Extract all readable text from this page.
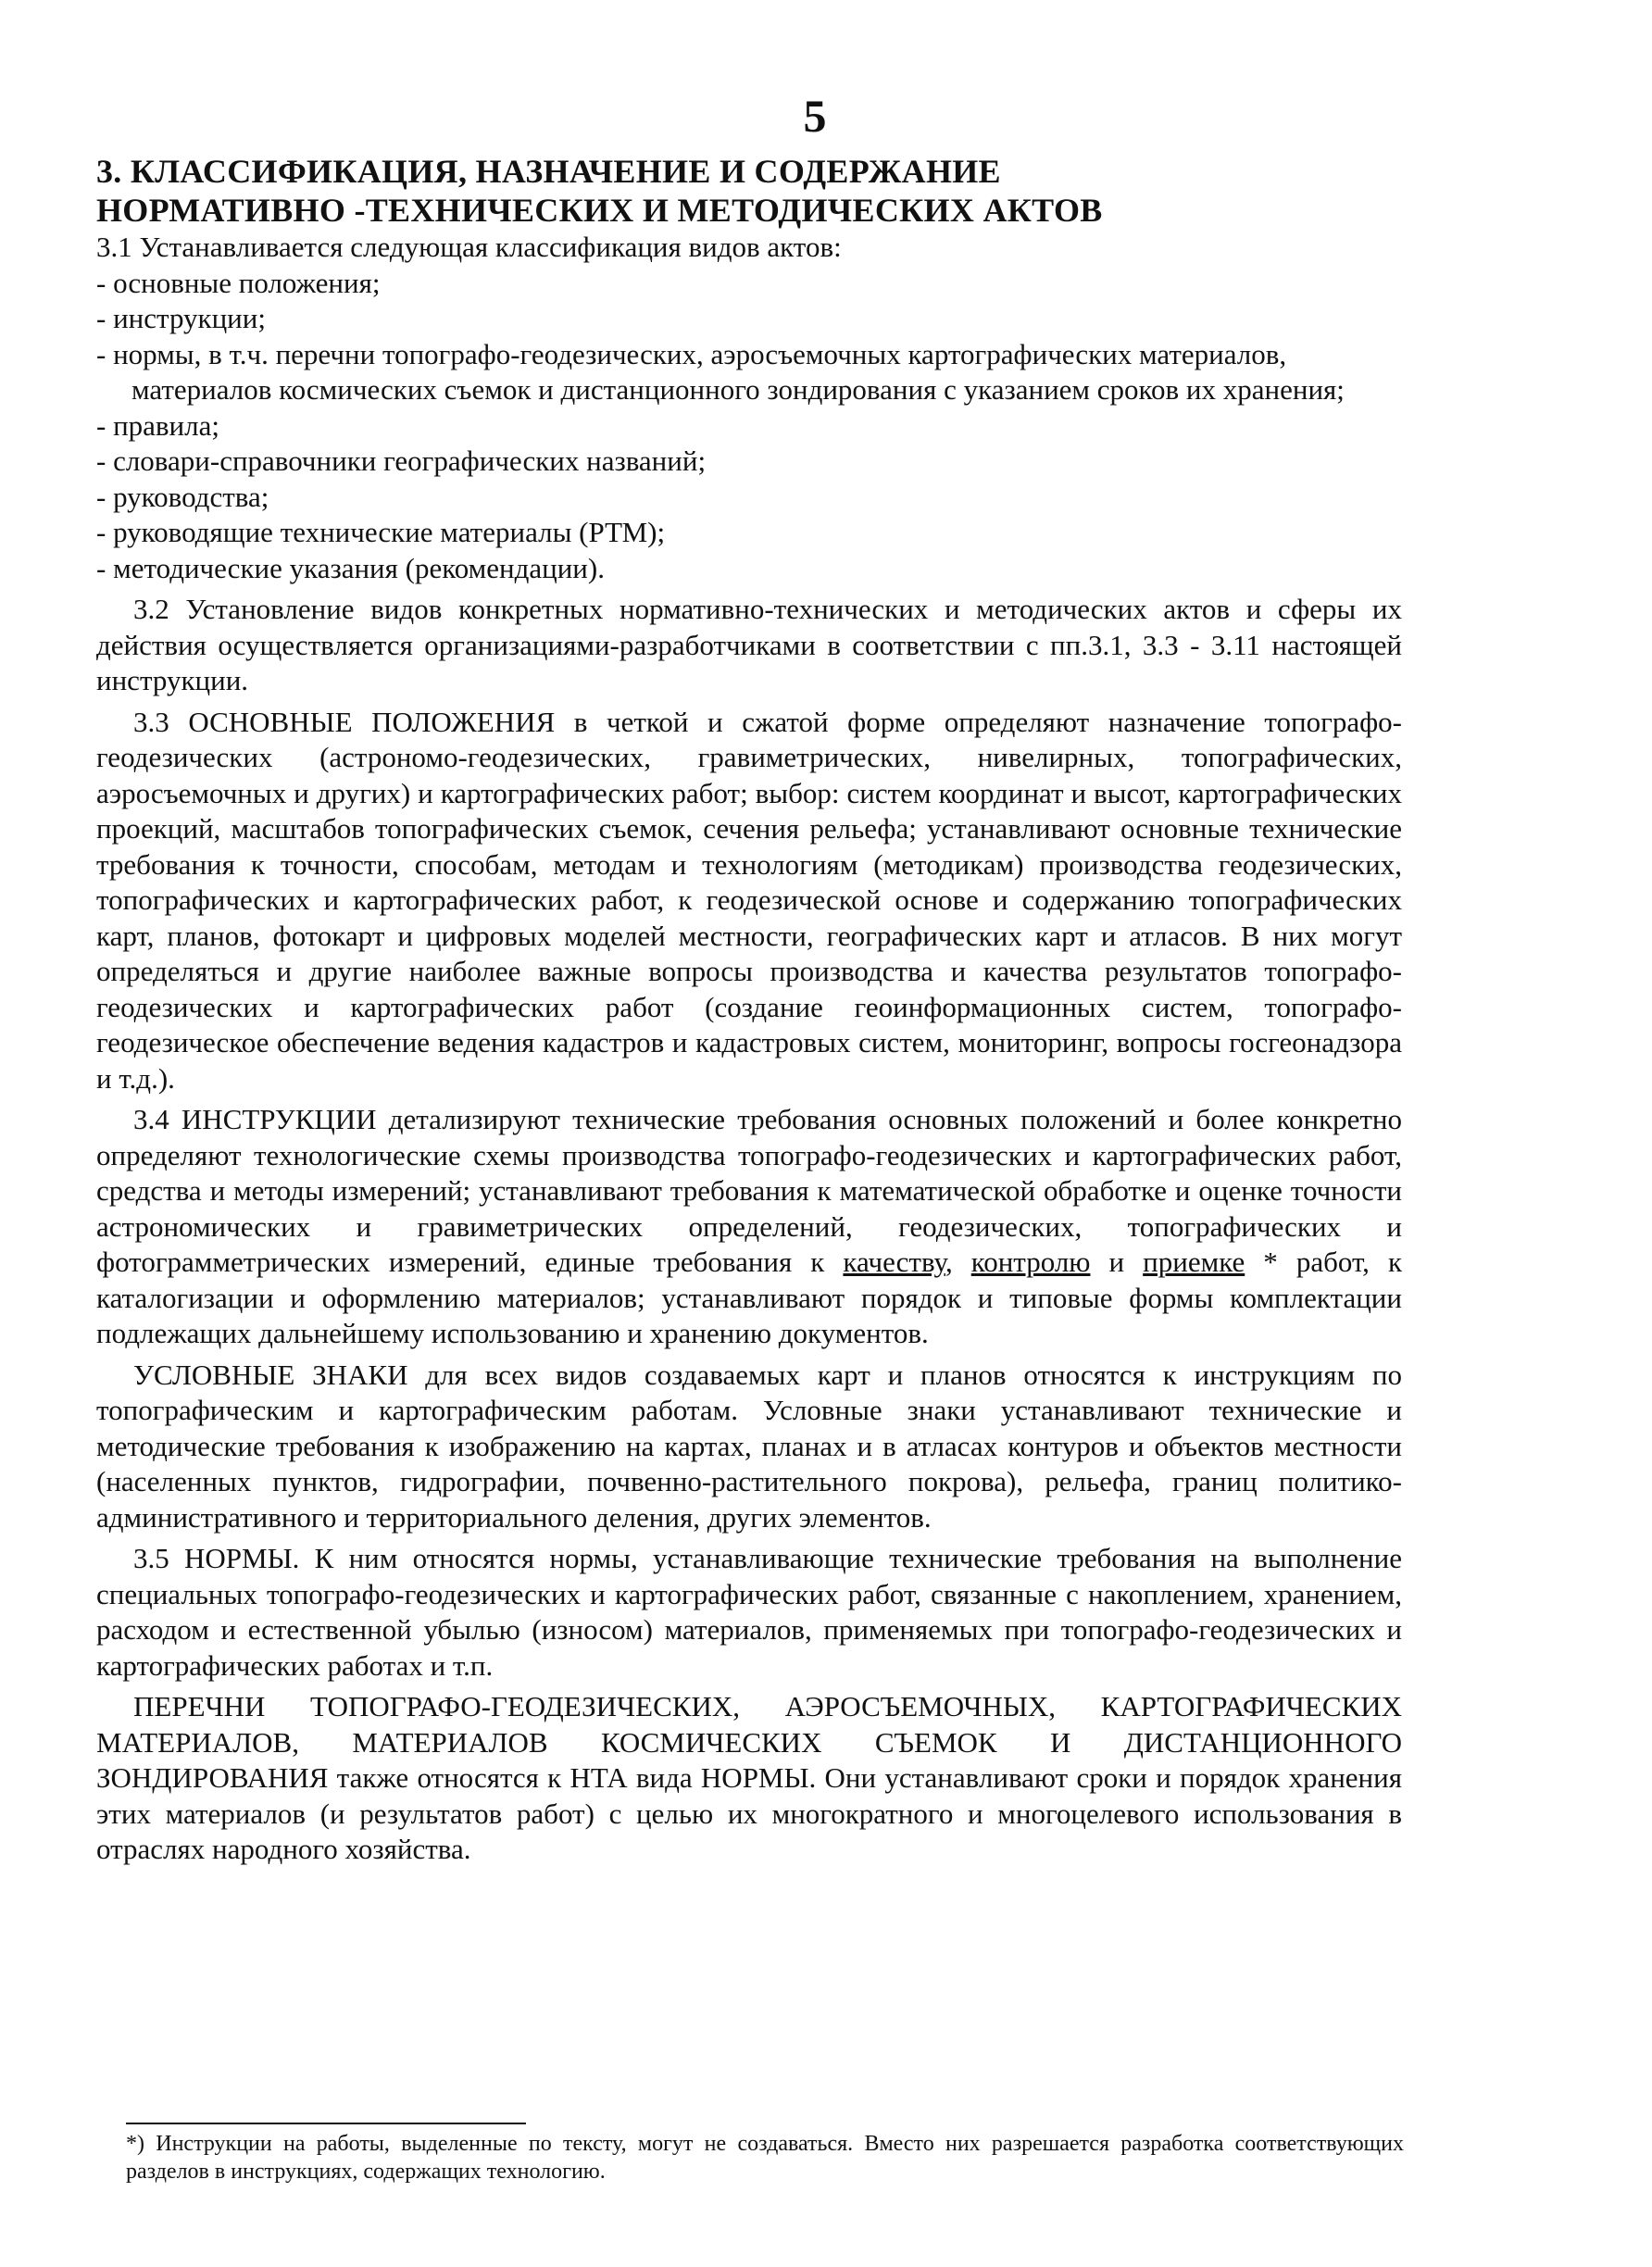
5
3. КЛАССИФИКАЦИЯ, НАЗНАЧЕНИЕ И СОДЕРЖАНИЕ
НОРМАТИВНО -ТЕХНИЧЕСКИХ И МЕТОДИЧЕСКИХ АКТОВ

3.1 Устанавливается следующая классификация видов актов:

- основные положения;
- инструкции;
- нормы, в т.ч. перечни топографо-геодезических, аэросъемочных картографических материалов, материалов космических съемок и дистанционного зондирования с указанием сроков их хранения;
- правила;
- словари-справочники географических названий;
- руководства;
- руководящие технические материалы (РТМ);
- методические указания (рекомендации).

3.2 Установление видов конкретных нормативно-технических и методических актов и сферы их действия осуществляется организациями-разработчиками в соответствии с пп.3.1, 3.3 - 3.11 настоящей инструкции.

3.3 ОСНОВНЫЕ ПОЛОЖЕНИЯ в четкой и сжатой форме определяют назначение топографо-геодезических (астрономо-геодезических, гравиметрических, нивелирных, топографических, аэросъемочных и других) и картографических работ; выбор: систем координат и высот, картографических проекций, масштабов топографических съемок, сечения рельефа; устанавливают основные технические требования к точности, способам, методам и технологиям (методикам) производства геодезических, топографических и картографических работ, к геодезической основе и содержанию топографических карт, планов, фотокарт и цифровых моделей местности, географических карт и атласов. В них могут определяться и другие наиболее важные вопросы производства и качества результатов топографо-геодезических и картографических работ (создание геоинформационных систем, топографо-геодезическое обеспечение ведения кадастров и кадастровых систем, мониторинг, вопросы госгеонадзора и т.д.).

3.4 ИНСТРУКЦИИ детализируют технические требования основных положений и более конкретно определяют технологические схемы производства топографо-геодезических и картографических работ, средства и методы измерений; устанавливают требования к математической обработке и оценке точности астрономических и гравиметрических определений, геодезических, топографических и фотограмметрических измерений, единые требования к качеству, контролю и приемке * работ, к каталогизации и оформлению материалов; устанавливают порядок и типовые формы комплектации подлежащих дальнейшему использованию и хранению документов.

УСЛОВНЫЕ ЗНАКИ для всех видов создаваемых карт и планов относятся к инструкциям по топографическим и картографическим работам. Условные знаки устанавливают технические и методические требования к изображению на картах, планах и в атласах контуров и объектов местности (населенных пунктов, гидрографии, почвенно-растительного покрова), рельефа, границ политико-административного и территориального деления, других элементов.

3.5 НОРМЫ. К ним относятся нормы, устанавливающие технические требования на выполнение специальных топографо-геодезических и картографических работ, связанные с накоплением, хранением, расходом и естественной убылью (износом) материалов, применяемых при топографо-геодезических и картографических работах и т.п.

ПЕРЕЧНИ ТОПОГРАФО-ГЕОДЕЗИЧЕСКИХ, АЭРОСЪЕМОЧНЫХ, КАРТОГРАФИЧЕСКИХ МАТЕРИАЛОВ, МАТЕРИАЛОВ КОСМИЧЕСКИХ СЪЕМОК И ДИСТАНЦИОННОГО ЗОНДИРОВАНИЯ также относятся к НТА вида НОРМЫ. Они устанавливают сроки и порядок хранения этих материалов (и результатов работ) с целью их многократного и многоцелевого использования в отраслях народного хозяйства.

*) Инструкции на работы, выделенные по тексту, могут не создаваться. Вместо них разрешается разработка соответствующих разделов в инструкциях, содержащих технологию.
